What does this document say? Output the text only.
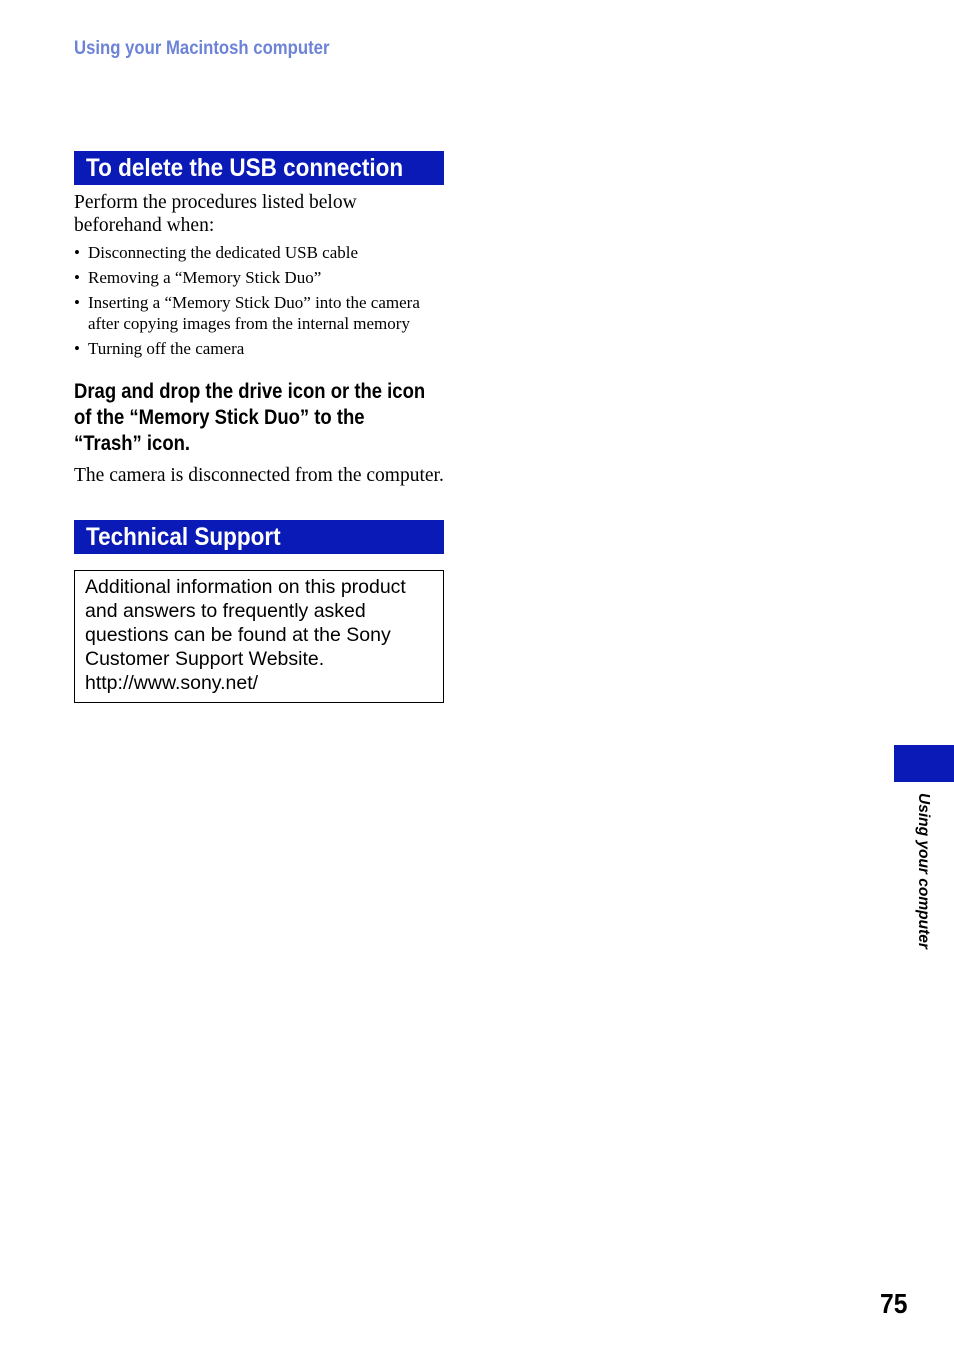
Using your Macintosh computer
To delete the USB connection

Perform the procedures listed below beforehand when:

• Disconnecting the dedicated USB cable
• Removing a “Memory Stick Duo”
• Inserting a “Memory Stick Duo” into the camera after copying images from the internal memory
• Turning off the camera
Drag and drop the drive icon or the icon of the “Memory Stick Duo” to the “Trash” icon.

The camera is disconnected from the computer.

Technical Support
Additional information on this product
and answers to frequently asked
questions can be found at the Sony
Customer Support Website.
http://www.sony.net/
Using your computer
75
